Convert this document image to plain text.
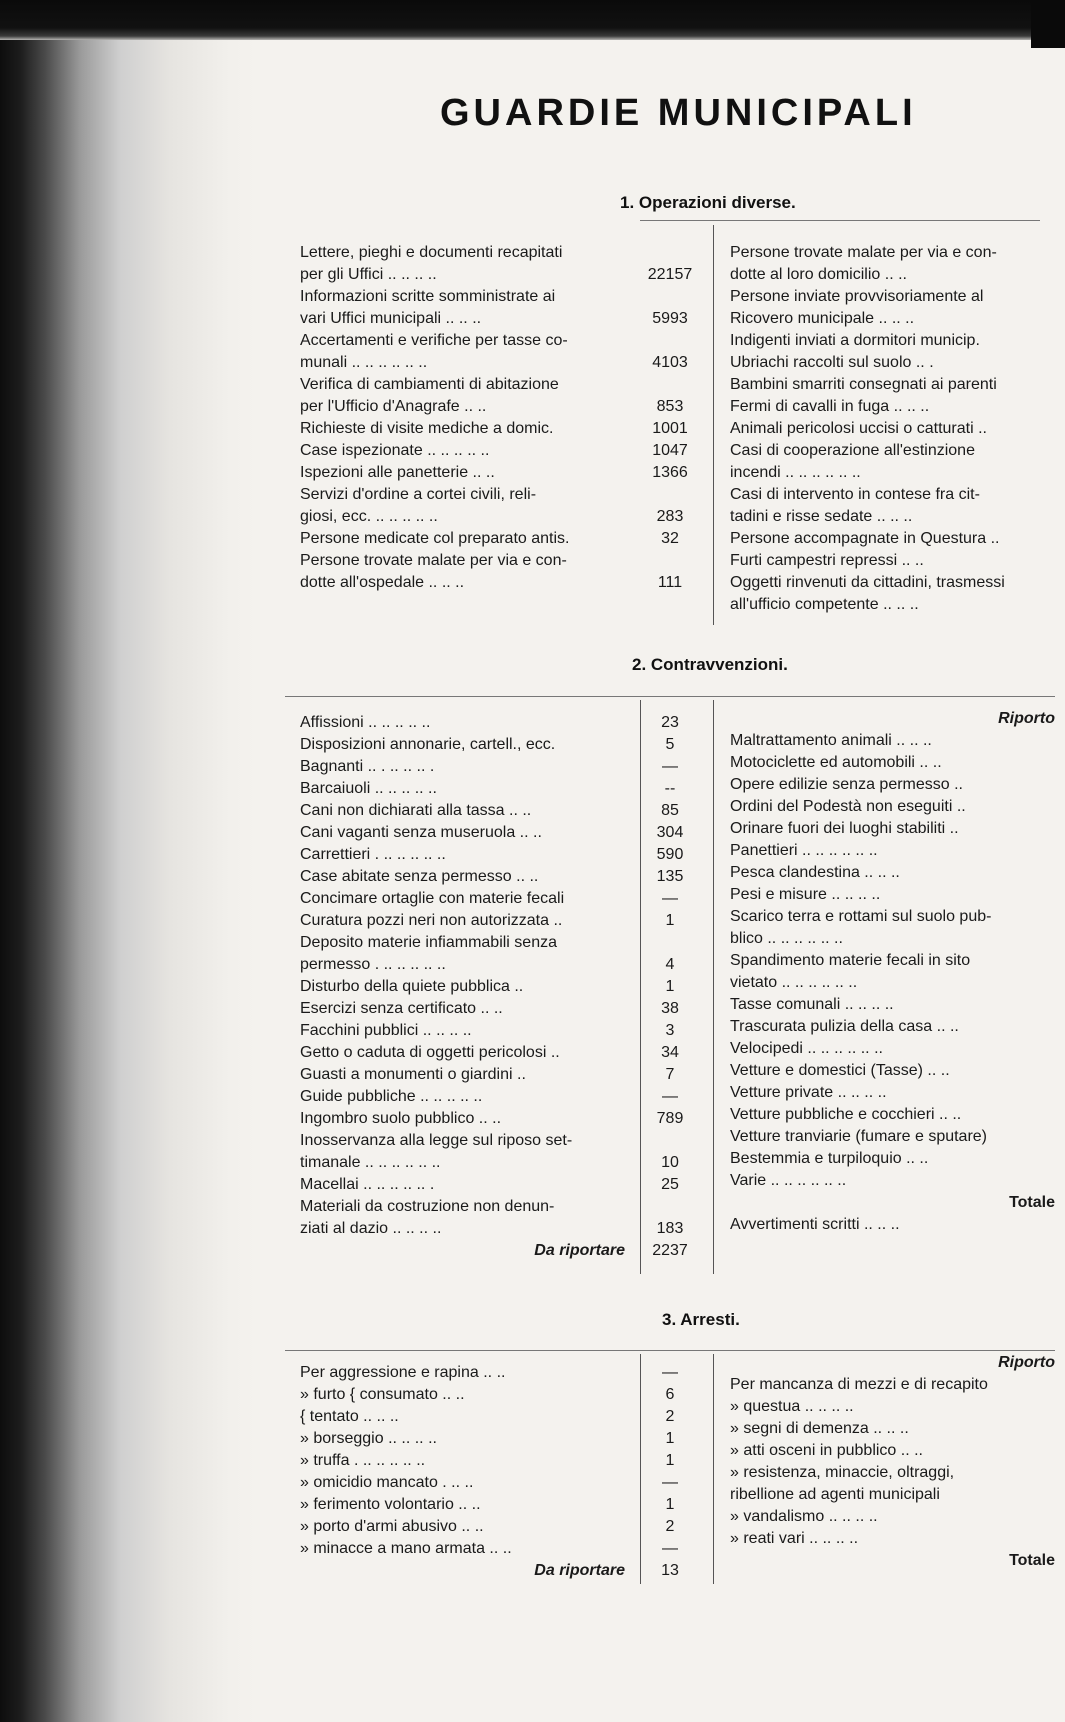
GUARDIE MUNICIPALI
1. Operazioni diverse.
Lettere, pieghi e documenti recapitati
per gli Uffici .. .. .. ..	22157
Informazioni scritte somministrate ai
vari Uffici municipali .. .. ..	5993
Accertamenti e verifiche per tasse co-
munali .. .. .. .. .. ..	4103
Verifica di cambiamenti di abitazione
per l'Ufficio d'Anagrafe .. ..	853
Richieste di visite mediche a domic.	1001
Case ispezionate .. .. .. .. ..	1047
Ispezioni alle panetterie .. ..	1366
Servizi d'ordine a cortei civili, reli-
giosi, ecc. .. .. .. .. ..	283
Persone medicate col preparato antis.	32
Persone trovate malate per via e con-
dotte all'ospedale .. .. ..	111
Persone trovate malate per via e con-
dotte al loro domicilio .. ..
Persone inviate provvisoriamente al
Ricovero municipale .. .. ..
Indigenti inviati a dormitori municip.
Ubriachi raccolti sul suolo .. .
Bambini smarriti consegnati ai parenti
Fermi di cavalli in fuga .. .. ..
Animali pericolosi uccisi o catturati ..
Casi di cooperazione all'estinzione
incendi .. .. .. .. .. ..
Casi di intervento in contese fra cit-
tadini e risse sedate .. .. ..
Persone accompagnate in Questura ..
Furti campestri repressi .. ..
Oggetti rinvenuti da cittadini, trasmessi
all'ufficio competente .. .. ..
2. Contravvenzioni.
Affissioni .. .. .. .. ..	23
Disposizioni annonarie, cartell., ecc.	5
Bagnanti .. . .. .. .. .	—
Barcaiuoli .. .. .. .. ..	--
Cani non dichiarati alla tassa .. ..	85
Cani vaganti senza museruola .. ..	304
Carrettieri . .. .. .. .. ..	590
Case abitate senza permesso .. ..	135
Concimare ortaglie con materie fecali	—
Curatura pozzi neri non autorizzata ..	1
Deposito materie infiammabili senza
permesso . .. .. .. .. ..	4
Disturbo della quiete pubblica ..	1
Esercizi senza certificato .. ..	38
Facchini pubblici .. .. .. ..	3
Getto o caduta di oggetti pericolosi ..	34
Guasti a monumenti o giardini ..	7
Guide pubbliche .. .. .. .. ..	—
Ingombro suolo pubblico .. ..	789
Inosservanza alla legge sul riposo set-
timanale .. .. .. .. .. ..	10
Macellai .. .. .. .. .. .	25
Materiali da costruzione non denun-
ziati al dazio .. .. .. ..	183
Da riportare	2237
Riporto
Maltrattamento animali .. .. ..
Motociclette ed automobili .. ..
Opere edilizie senza permesso ..
Ordini del Podestà non eseguiti ..
Orinare fuori dei luoghi stabiliti ..
Panettieri .. .. .. .. .. ..
Pesca clandestina .. .. ..
Pesi e misure .. .. .. ..
Scarico terra e rottami sul suolo pub-
blico .. .. .. .. .. ..
Spandimento materie fecali in sito
vietato .. .. .. .. .. ..
Tasse comunali .. .. .. ..
Trascurata pulizia della casa .. ..
Velocipedi .. .. .. .. .. ..
Vetture e domestici (Tasse) .. ..
Vetture private .. .. .. ..
Vetture pubbliche e cocchieri .. ..
Vetture tranviarie (fumare e sputare)
Bestemmia e turpiloquio .. ..
Varie .. .. .. .. .. ..
Totale
Avvertimenti scritti .. .. ..
3. Arresti.
Per aggressione e rapina .. ..	—
» furto { consumato .. ..	6
{ tentato .. .. ..	2
» borseggio .. .. .. ..	1
» truffa . .. .. .. .. ..	1
» omicidio mancato . .. ..	—
» ferimento volontario .. ..	1
» porto d'armi abusivo .. ..	2
» minacce a mano armata .. ..	—
Da riportare	13
Riporto
Per mancanza di mezzi e di recapito
» questua .. .. .. ..
» segni di demenza .. .. ..
» atti osceni in pubblico .. ..
» resistenza, minaccie, oltraggi,
ribellione ad agenti municipali
» vandalismo .. .. .. ..
» reati vari .. .. .. ..
Totale
